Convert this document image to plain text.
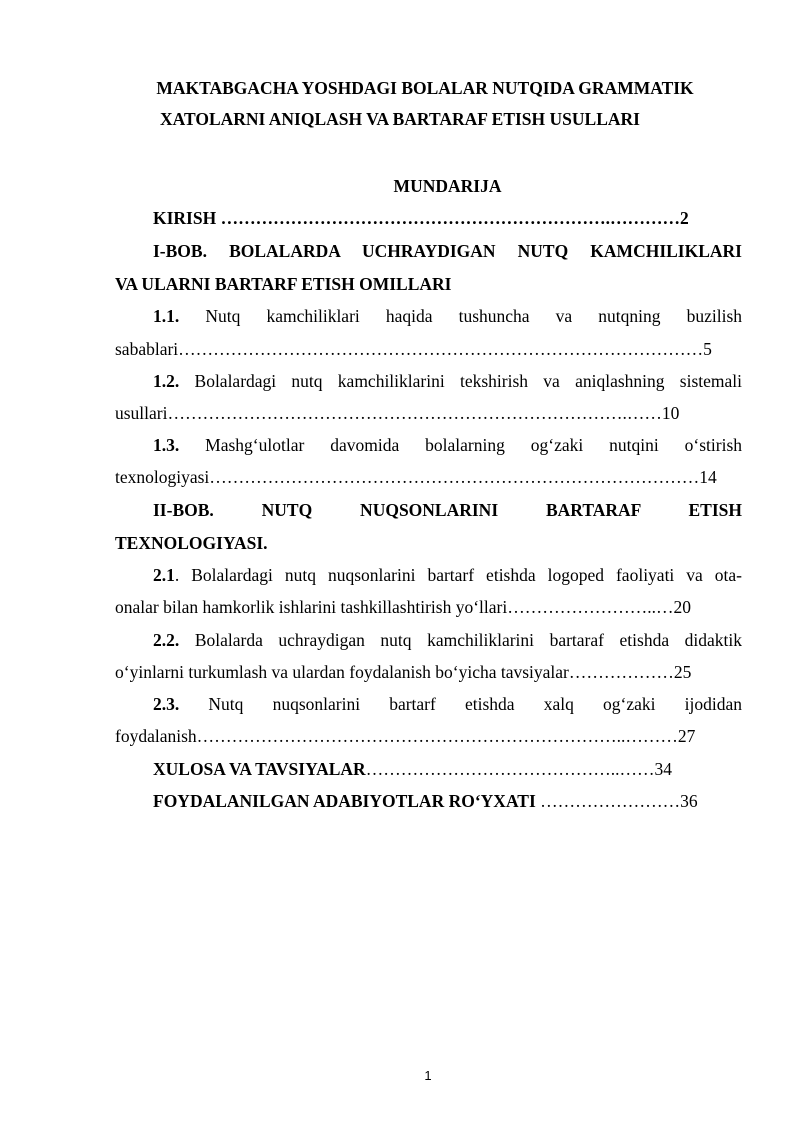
MAKTABGACHA YOSHDAGI BOLALAR NUTQIDA GRAMMATIK
XATOLARNI ANIQLASH VA BARTARAF ETISH USULLARI
MUNDARIJA
KIRISH ………………………………………………………….…………2
I-BOB. BOLALARDA UCHRAYDIGAN NUTQ KAMCHILIKLARI
VA ULARNI BARTARF ETISH OMILLARI
1.1. Nutq kamchiliklari haqida tushuncha va nutqning buzilish
sabablari………………………………………………………………………………5
1.2. Bolalardagi nutq kamchiliklarini tekshirish va aniqlashning sistemali
usullari…………………………………………………………………….……10
1.3. Mashg‘ulotlar davomida bolalarning og‘zaki nutqini o‘stirish
texnologiyasi…………………………………………………………………………14
II-BOB. NUTQ NUQSONLARINI BARTARAF ETISH
TEXNOLOGIYASI.
2.1. Bolalardagi nutq nuqsonlarini bartarf etishda logoped faoliyati va ota-
onalar bilan hamkorlik ishlarini tashkillashtirish yo‘llari……………………..…20
2.2. Bolalarda uchraydigan nutq kamchiliklarini bartaraf etishda didaktik
o‘yinlarni turkumlash va ulardan foydalanish bo‘yicha tavsiyalar………………25
2.3. Nutq nuqsonlarini bartarf etishda xalq og‘zaki ijodidan
foydalanish………………………………………………………………..………27
XULOSA VA TAVSIYALAR……………………………………..……34
FOYDALANILGAN ADABIYOTLAR RO‘YXATI ……………………36
1
